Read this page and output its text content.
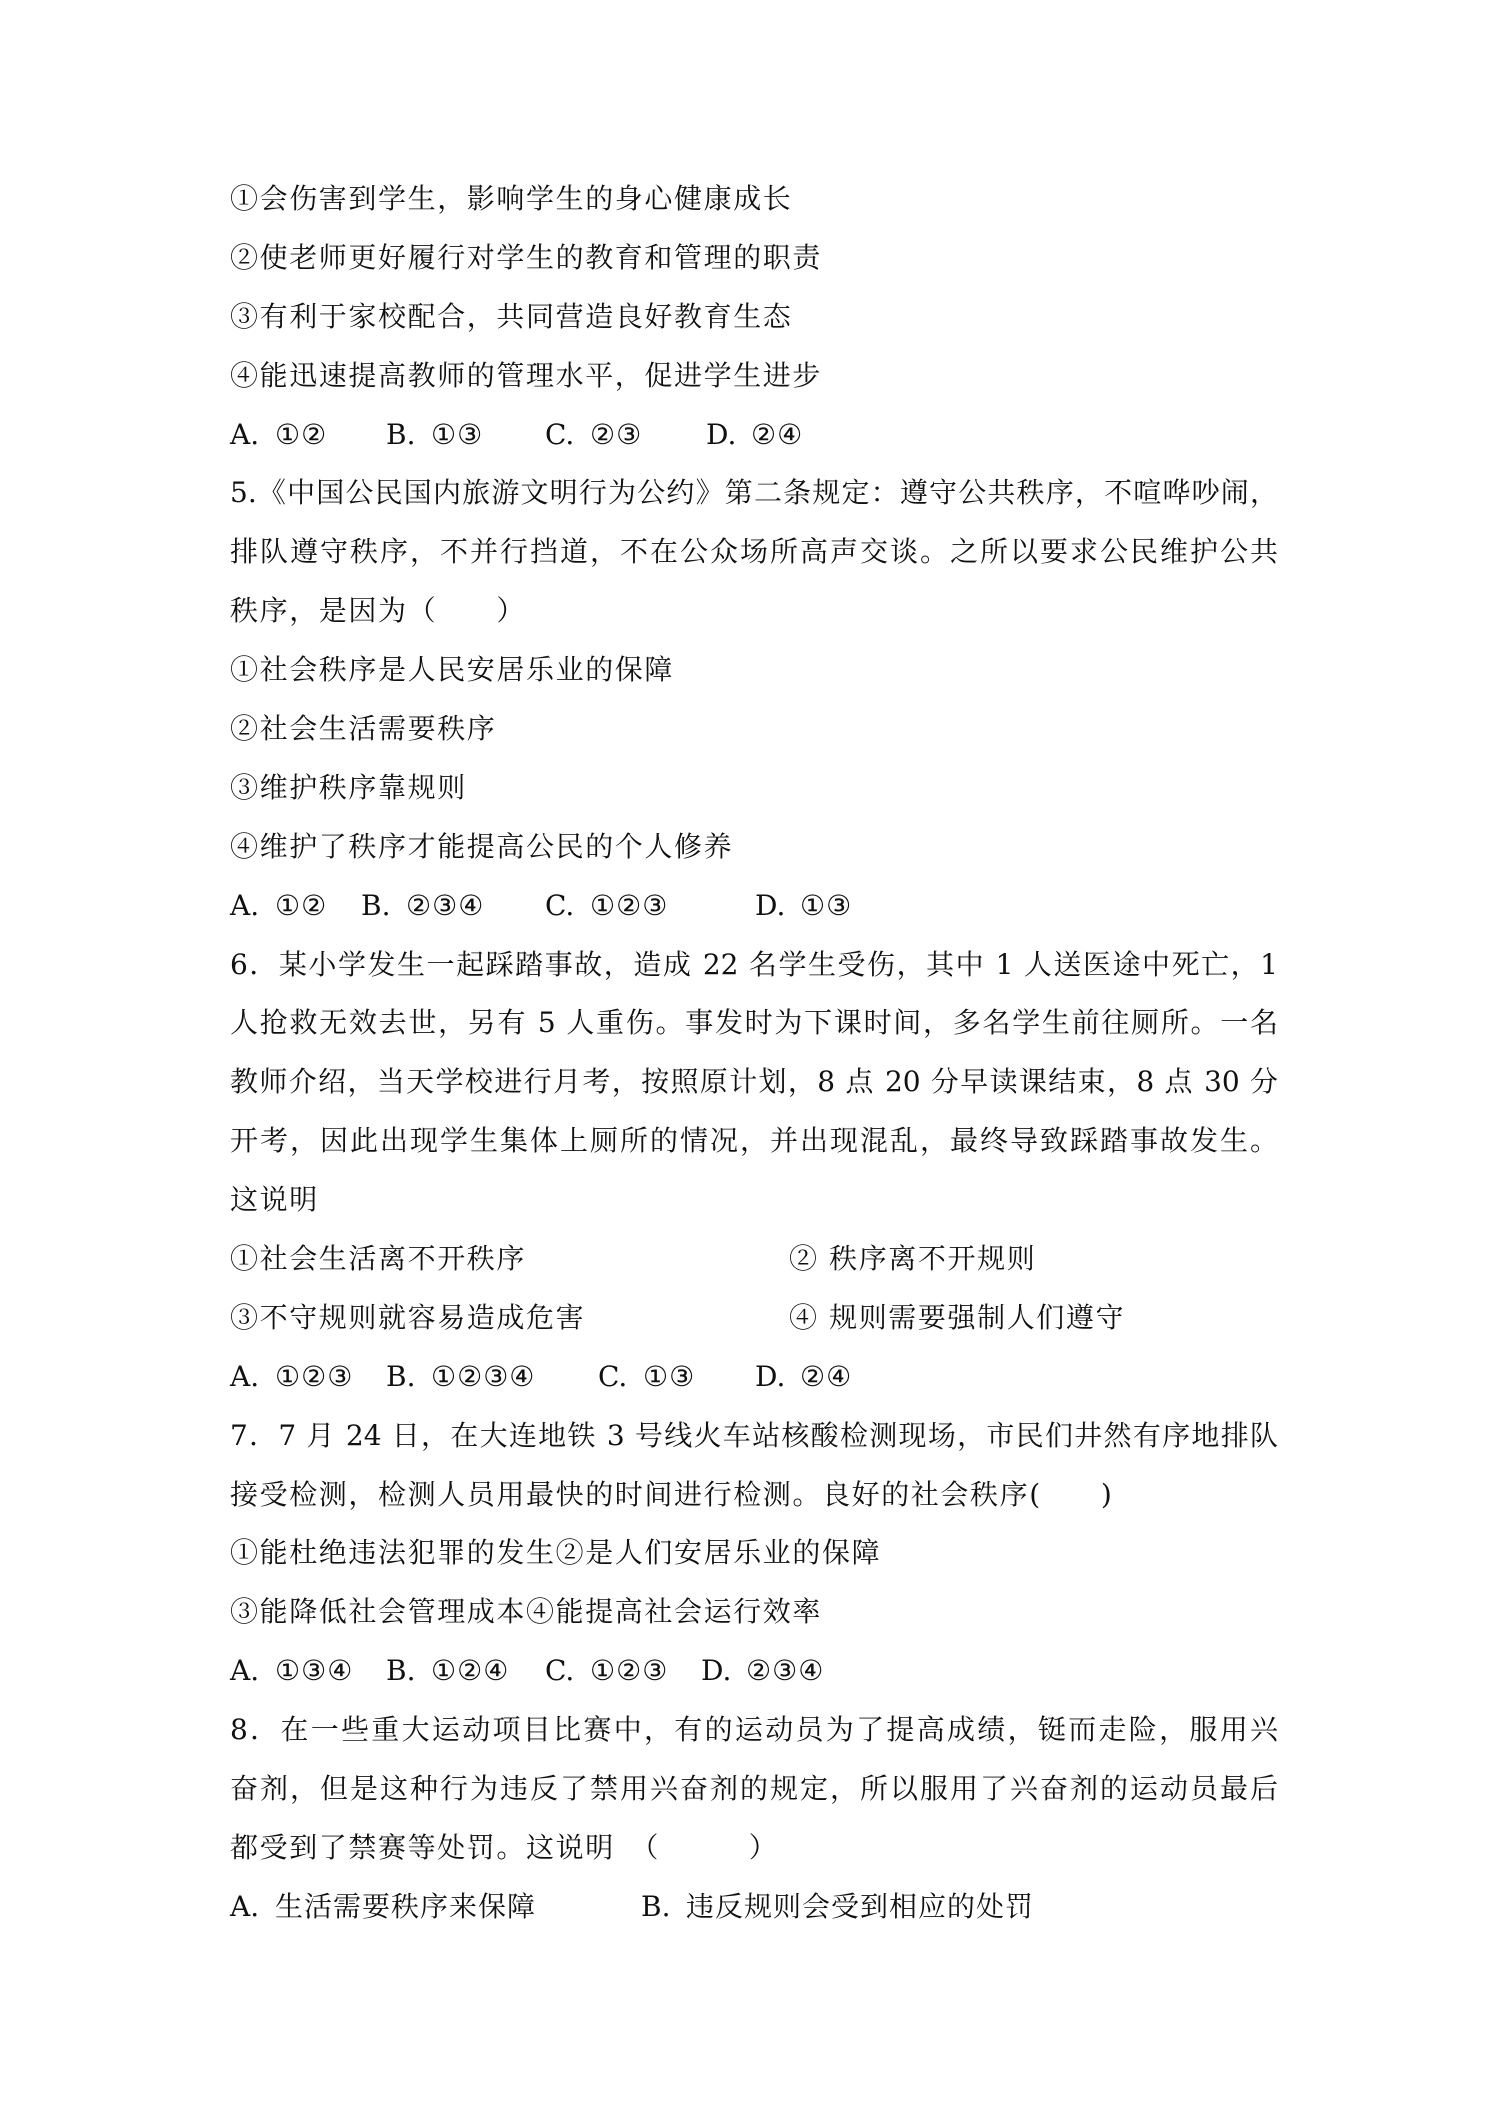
①会伤害到学生，影响学生的身心健康成长
②使老师更好履行对学生的教育和管理的职责
③有利于家校配合，共同营造良好教育生态
④能迅速提高教师的管理水平，促进学生进步
A. ①② B. ①③ C. ②③ D. ②④
5.《中国公民国内旅游文明行为公约》第二条规定：遵守公共秩序，不喧哗吵闹，
排队遵守秩序，不并行挡道，不在公众场所高声交谈。之所以要求公民维护公共
秩序，是因为（　　）
①社会秩序是人民安居乐业的保障
②社会生活需要秩序
③维护秩序靠规则
④维护了秩序才能提高公民的个人修养
A. ①② B. ②③④ C. ①②③	D. ①③
6．某小学发生一起踩踏事故，造成 22 名学生受伤，其中 1 人送医途中死亡，1
人抢救无效去世，另有 5 人重伤。事发时为下课时间，多名学生前往厕所。一名
教师介绍，当天学校进行月考，按照原计划，8 点 20 分早读课结束，8 点 30 分
开考，因此出现学生集体上厕所的情况，并出现混乱，最终导致踩踏事故发生。
这说明
①社会生活离不开秩序	② 秩序离不开规则
③不守规则就容易造成危害	④ 规则需要强制人们遵守
A. ①②③ B. ①②③④ C. ①③ D. ②④
7．7 月 24 日，在大连地铁 3 号线火车站核酸检测现场，市民们井然有序地排队
接受检测，检测人员用最快的时间进行检测。良好的社会秩序(　　)
①能杜绝违法犯罪的发生②是人们安居乐业的保障
③能降低社会管理成本④能提高社会运行效率
A. ①③④ B. ①②④ C. ①②③ D. ②③④
8．在一些重大运动项目比赛中，有的运动员为了提高成绩，铤而走险，服用兴
奋剂，但是这种行为违反了禁用兴奋剂的规定，所以服用了兴奋剂的运动员最后
都受到了禁赛等处罚。这说明　（　　　）
A. 生活需要秩序来保障	B. 违反规则会受到相应的处罚
